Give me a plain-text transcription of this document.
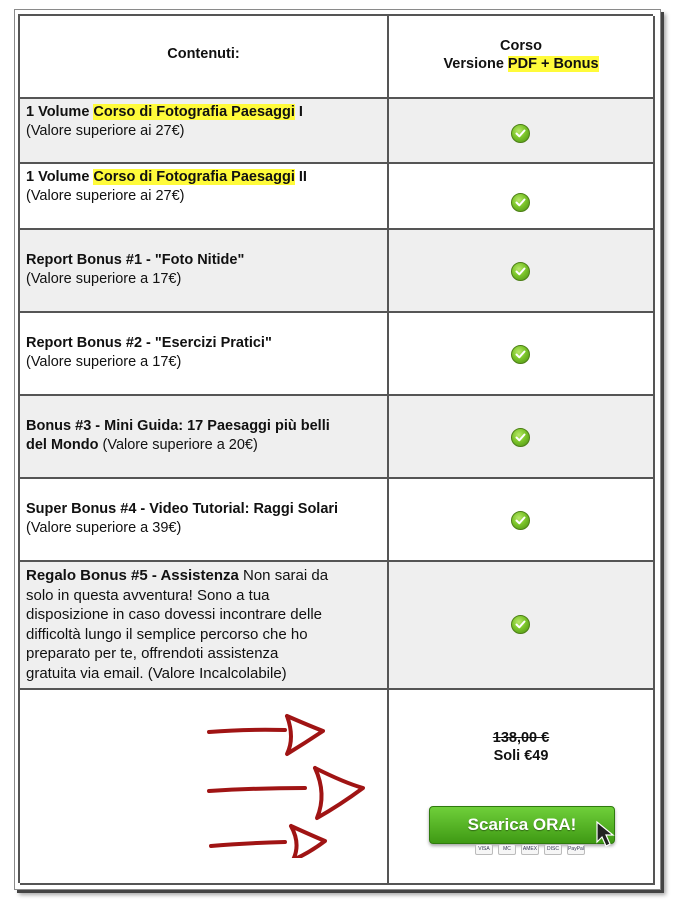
Contenuti:	Corso
Versione PDF + Bonus
1 Volume Corso di Fotografia Paesaggi I
(Valore superiore ai 27€)
1 Volume Corso di Fotografia Paesaggi II
(Valore superiore ai 27€)
Report Bonus #1 - "Foto Nitide"
(Valore superiore a 17€)
Report Bonus #2 - "Esercizi Pratici"
(Valore superiore a 17€)
Bonus #3 - Mini Guida: 17 Paesaggi più belli
del Mondo (Valore superiore a 20€)
Super Bonus #4 - Video Tutorial: Raggi Solari
(Valore superiore a 39€)
Regalo Bonus #5 - Assistenza Non sarai da
solo in questa avventura! Sono a tua
disposizione in caso dovessi incontrare delle
difficoltà lungo il semplice percorso che ho
preparato per te, offrendoti assistenza
gratuita via email. (Valore Incalcolabile)
138,00 €
Soli €49
Scarica ORA!
VISA	MC	AMEX	DISC	PayPal
